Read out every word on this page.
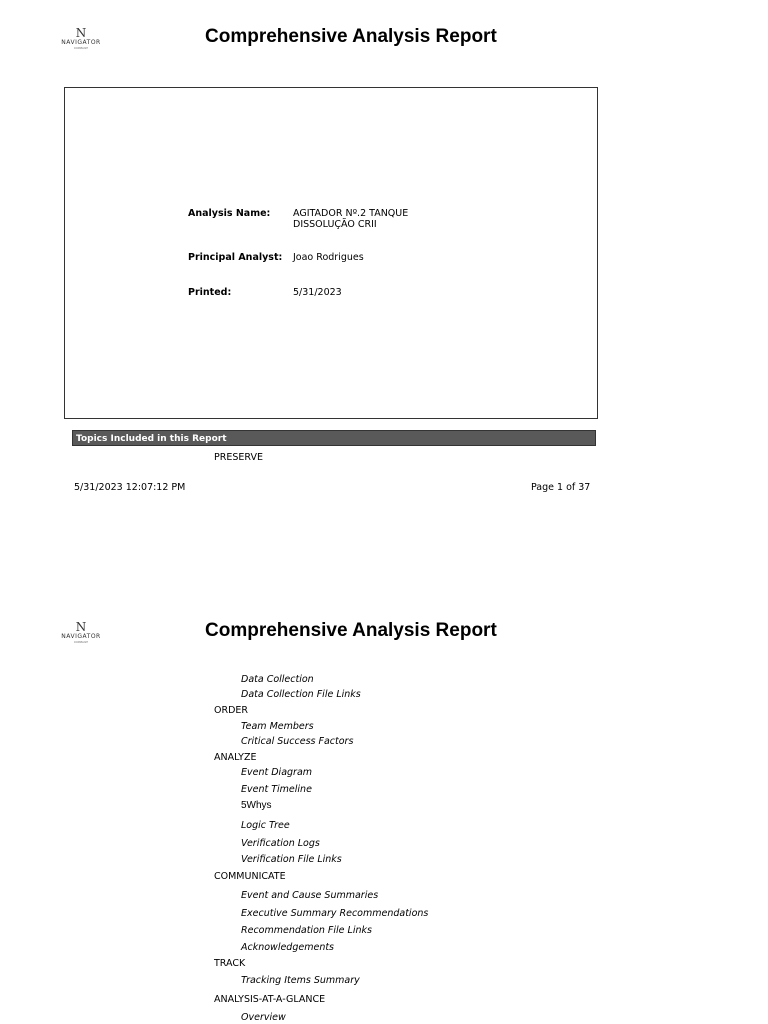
N
NAVIGATOR
CONSULT
Comprehensive Analysis Report
Analysis Name: AGITADOR Nº.2 TANQUE DISSOLUÇÃO CRII
Principal Analyst: Joao Rodrigues
Printed:	5/31/2023
Topics Included in this Report
PRESERVE
5/31/2023 12:07:12 PM	Page 1 of 37
N
NAVIGATOR
CONSULT
Comprehensive Analysis Report
Data Collection
Data Collection File Links
ORDER
Team Members
Critical Success Factors
ANALYZE
Event Diagram
Event Timeline
5Whys
Logic Tree
Verification Logs
Verification File Links
COMMUNICATE
Event and Cause Summaries
Executive Summary Recommendations
Recommendation File Links
Acknowledgements
TRACK
Tracking Items Summary
ANALYSIS-AT-A-GLANCE
Overview
